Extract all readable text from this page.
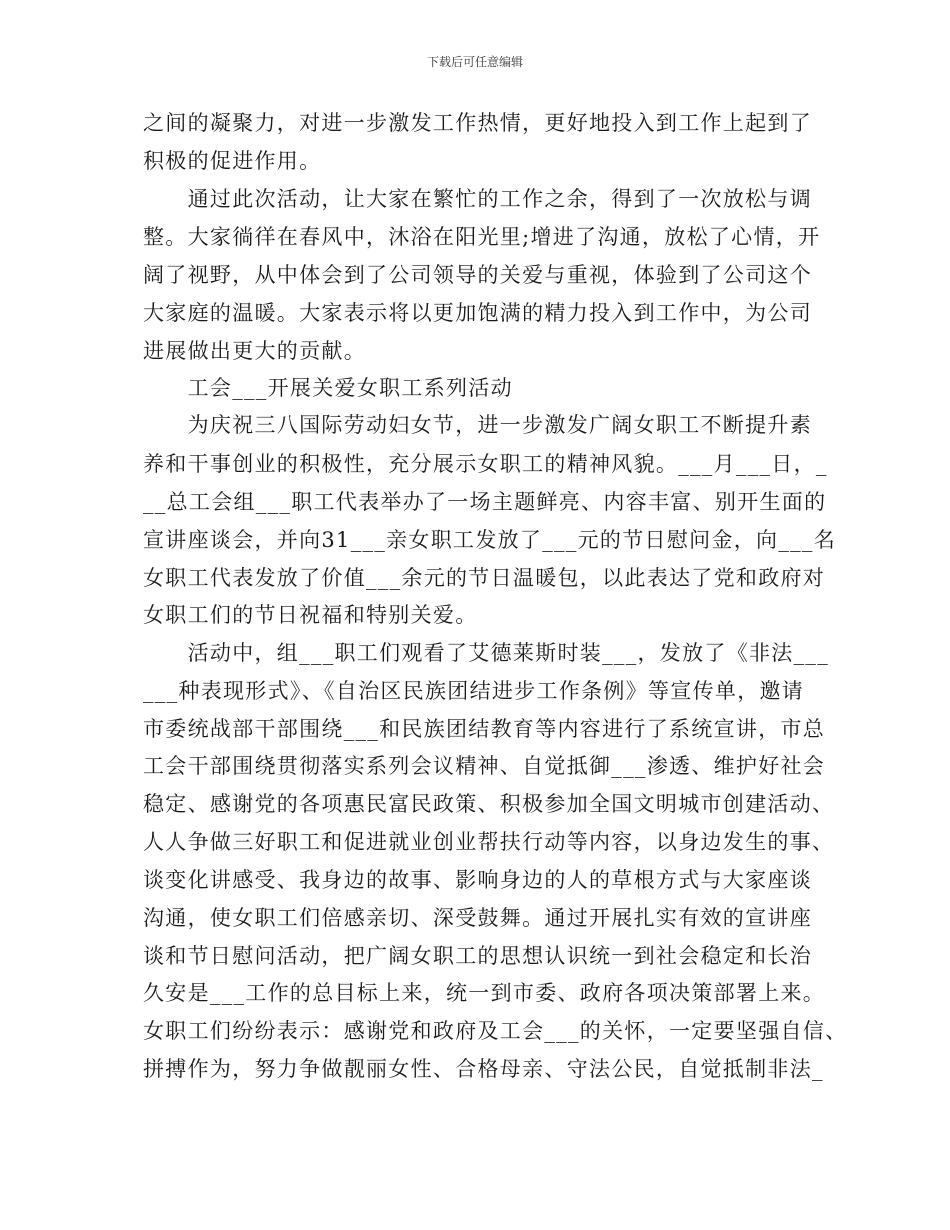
下载后可任意编辑
之间的凝聚力，对进一步激发工作热情，更好地投入到工作上起到了
积极的促进作用。
　　通过此次活动，让大家在繁忙的工作之余，得到了一次放松与调
整。大家徜徉在春风中，沐浴在阳光里;增进了沟通，放松了心情，开
阔了视野，从中体会到了公司领导的关爱与重视，体验到了公司这个
大家庭的温暖。大家表示将以更加饱满的精力投入到工作中，为公司
进展做出更大的贡献。
　　工会___开展关爱女职工系列活动
　　为庆祝三八国际劳动妇女节，进一步激发广阔女职工不断提升素
养和干事创业的积极性，充分展示女职工的精神风貌。___月___日，_
__总工会组___职工代表举办了一场主题鲜亮、内容丰富、别开生面的
宣讲座谈会，并向31___亲女职工发放了___元的节日慰问金，向___名
女职工代表发放了价值___余元的节日温暖包，以此表达了党和政府对
女职工们的节日祝福和特别关爱。
　　活动中，组___职工们观看了艾德莱斯时装___，发放了《非法___
___种表现形式》、《自治区民族团结进步工作条例》等宣传单，邀请
市委统战部干部围绕___和民族团结教育等内容进行了系统宣讲，市总
工会干部围绕贯彻落实系列会议精神、自觉抵御___渗透、维护好社会
稳定、感谢党的各项惠民富民政策、积极参加全国文明城市创建活动、
人人争做三好职工和促进就业创业帮扶行动等内容，以身边发生的事、
谈变化讲感受、我身边的故事、影响身边的人的草根方式与大家座谈
沟通，使女职工们倍感亲切、深受鼓舞。通过开展扎实有效的宣讲座
谈和节日慰问活动，把广阔女职工的思想认识统一到社会稳定和长治
久安是___工作的总目标上来，统一到市委、政府各项决策部署上来。
女职工们纷纷表示：感谢党和政府及工会___的关怀，一定要坚强自信、
拼搏作为，努力争做靓丽女性、合格母亲、守法公民，自觉抵制非法_
